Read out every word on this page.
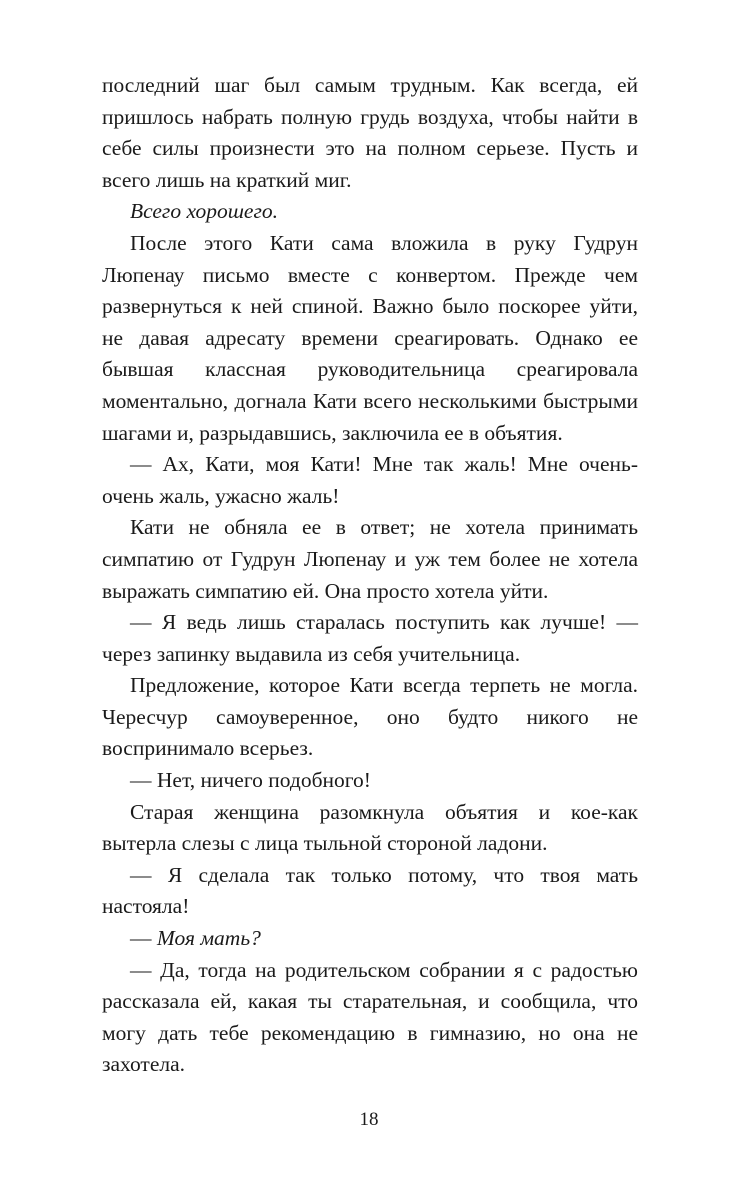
последний шаг был самым трудным. Как всегда, ей пришлось набрать полную грудь воздуха, чтобы найти в себе силы произнести это на полном серьезе. Пусть и всего лишь на краткий миг.

Всего хорошего.

После этого Кати сама вложила в руку Гудрун Люпенау письмо вместе с конвертом. Прежде чем развернуться к ней спиной. Важно было поскорее уйти, не давая адресату времени среагировать. Однако ее бывшая классная руководительница среагировала моментально, догнала Кати всего несколькими быстрыми шагами и, разрыдавшись, заключила ее в объятия.

— Ах, Кати, моя Кати! Мне так жаль! Мне очень-очень жаль, ужасно жаль!

Кати не обняла ее в ответ; не хотела принимать симпатию от Гудрун Люпенау и уж тем более не хотела выражать симпатию ей. Она просто хотела уйти.

— Я ведь лишь старалась поступить как лучше! — через запинку выдавила из себя учительница.

Предложение, которое Кати всегда терпеть не могла. Чересчур самоуверенное, оно будто никого не воспринимало всерьез.

— Нет, ничего подобного!

Старая женщина разомкнула объятия и кое-как вытерла слезы с лица тыльной стороной ладони.

— Я сделала так только потому, что твоя мать настояла!

— Моя мать?

— Да, тогда на родительском собрании я с радостью рассказала ей, какая ты старательная, и сообщила, что могу дать тебе рекомендацию в гимназию, но она не захотела.

18
